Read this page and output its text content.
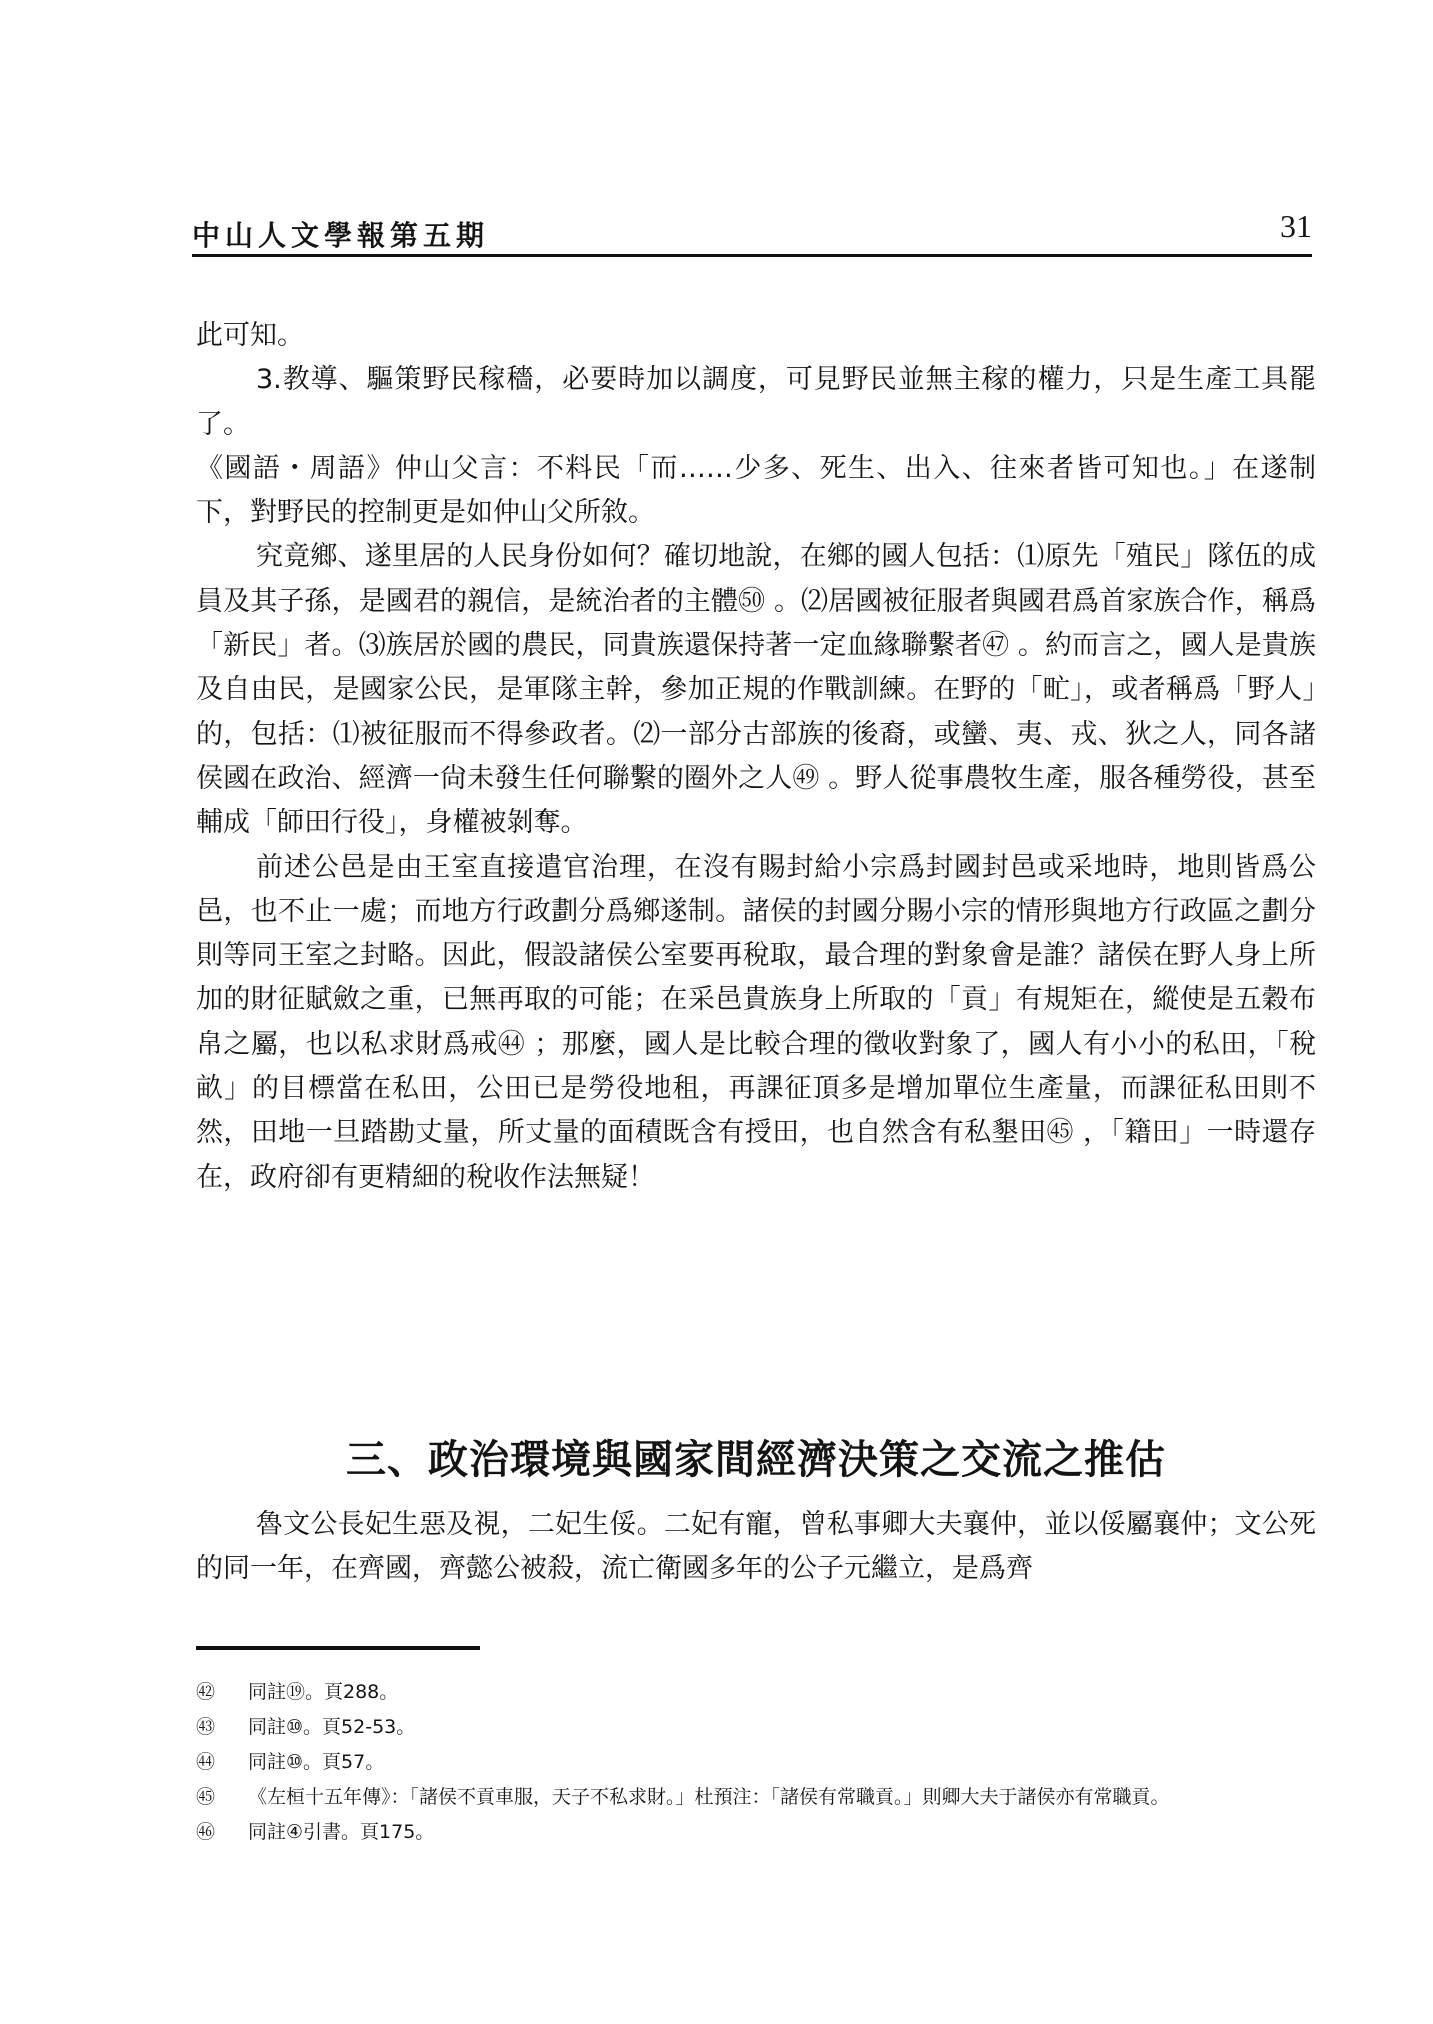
中山人文學報第五期	31

此可知。

3.教導、驅策野民稼穡，必要時加以調度，可見野民並無主稼的權力，只是生產工具罷了。

《國語・周語》仲山父言：不料民「而……少多、死生、出入、往來者皆可知也。」在遂制下，對野民的控制更是如仲山父所敘。

究竟鄉、遂里居的人民身份如何？確切地說，在鄉的國人包括：⑴原先「殖民」隊伍的成員及其子孫，是國君的親信，是統治者的主體㊿ 。⑵居國被征服者與國君爲首家族合作，稱爲「新民」者。⑶族居於國的農民，同貴族還保持著一定血緣聯繫者㊼ 。約而言之，國人是貴族及自由民，是國家公民，是軍隊主幹，參加正規的作戰訓練。在野的「甿」，或者稱爲「野人」的，包括：⑴被征服而不得參政者。⑵一部分古部族的後裔，或蠻、夷、戎、狄之人，同各諸侯國在政治、經濟一尙未發生任何聯繫的圈外之人㊾ 。野人從事農牧生產，服各種勞役，甚至輔成「師田行役」，身權被剝奪。

前述公邑是由王室直接遣官治理，在沒有賜封給小宗爲封國封邑或采地時，地則皆爲公邑，也不止一處；而地方行政劃分爲鄉遂制。諸侯的封國分賜小宗的情形與地方行政區之劃分則等同王室之封略。因此，假設諸侯公室要再稅取，最合理的對象會是誰？諸侯在野人身上所加的財征賦斂之重，已無再取的可能；在采邑貴族身上所取的「貢」有規矩在，縱使是五穀布帛之屬，也以私求財爲戒㊹ ；那麼，國人是比較合理的徵收對象了，國人有小小的私田，「稅畝」的目標當在私田，公田已是勞役地租，再課征頂多是增加單位生產量，而課征私田則不然，田地一旦踏勘丈量，所丈量的面積既含有授田，也自然含有私墾田㊺ ，「籍田」一時還存在，政府卻有更精細的稅收作法無疑！

三、政治環境與國家間經濟決策之交流之推估

魯文公長妃生惡及視，二妃生俀。二妃有寵，曾私事卿大夫襄仲，並以俀屬襄仲；文公死的同一年，在齊國，齊懿公被殺，流亡衛國多年的公子元繼立，是爲齊

㊷	同註⑲。頁288。
㊸	同註⑩。頁52-53。
㊹	同註⑩。頁57。
㊺	《左桓十五年傳》：「諸侯不貢車服，天子不私求財。」杜預注：「諸侯有常職貢。」則卿大夫于諸侯亦有常職貢。
㊻	同註④引書。頁175。
